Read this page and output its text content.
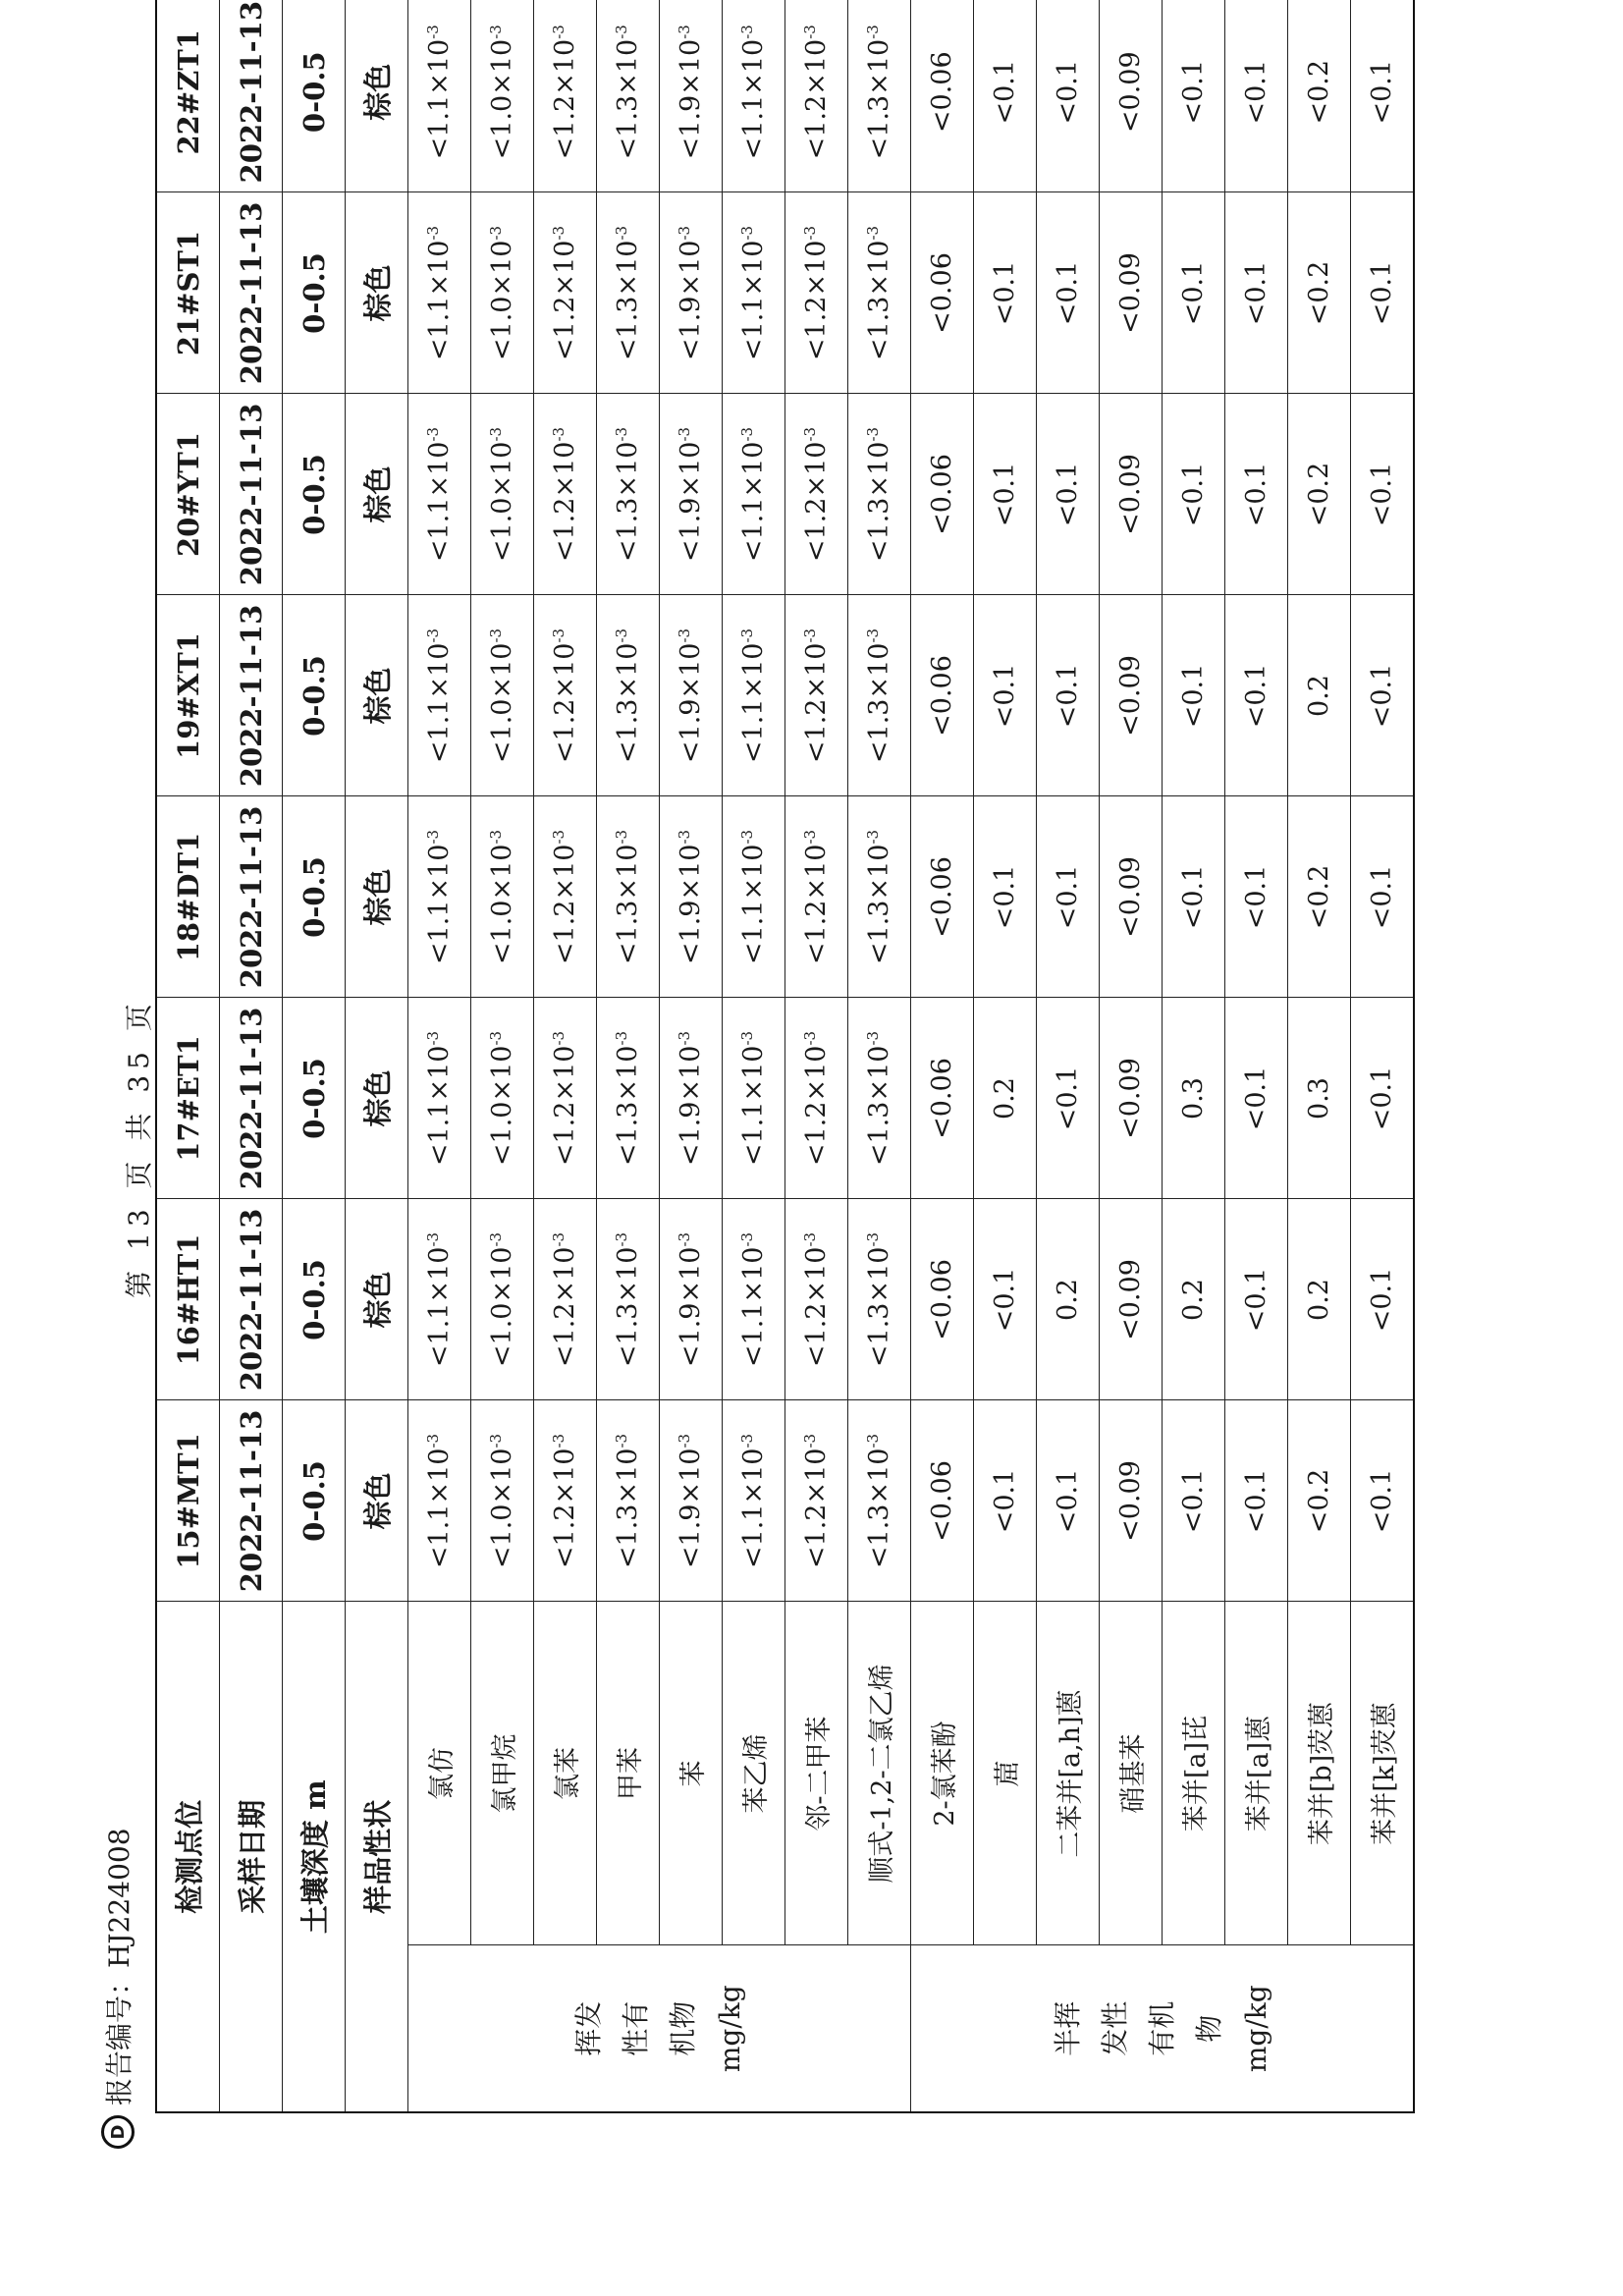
D
报告编号：HJ224008
第 13 页 共 35 页
检测点位		15#MT1	16#HT1	17#ET1	18#DT1	19#XT1	20#YT1	21#ST1	22#ZT1
采样日期		2022-11-13	2022-11-13	2022-11-13	2022-11-13	2022-11-13	2022-11-13	2022-11-13	2022-11-13
土壤深度 m		0-0.5	0-0.5	0-0.5	0-0.5	0-0.5	0-0.5	0-0.5	0-0.5
样品性状		棕色	棕色	棕色	棕色	棕色	棕色	棕色	棕色

挥发 性有 机物 mg/kg	氯仿	$<1.1\times 10^{-3}$	$<1.1\times 10^{-3}$	$<1.1\times 10^{-3}$	$<1.1\times 10^{-3}$	$<1.1\times 10^{-3}$	$<1.1\times 10^{-3}$	$<1.1\times 10^{-3}$	$<1.1\times 10^{-3}$
	氯甲烷	$<1.0\times 10^{-3}$	$<1.0\times 10^{-3}$	$<1.0\times 10^{-3}$	$<1.0\times 10^{-3}$	$<1.0\times 10^{-3}$	$<1.0\times 10^{-3}$	$<1.0\times 10^{-3}$	$<1.0\times 10^{-3}$
	氯苯	$<1.2\times 10^{-3}$	$<1.2\times 10^{-3}$	$<1.2\times 10^{-3}$	$<1.2\times 10^{-3}$	$<1.2\times 10^{-3}$	$<1.2\times 10^{-3}$	$<1.2\times 10^{-3}$	$<1.2\times 10^{-3}$
	甲苯	$<1.3\times 10^{-3}$	$<1.3\times 10^{-3}$	$<1.3\times 10^{-3}$	$<1.3\times 10^{-3}$	$<1.3\times 10^{-3}$	$<1.3\times 10^{-3}$	$<1.3\times 10^{-3}$	$<1.3\times 10^{-3}$
	苯	$<1.9\times 10^{-3}$	$<1.9\times 10^{-3}$	$<1.9\times 10^{-3}$	$<1.9\times 10^{-3}$	$<1.9\times 10^{-3}$	$<1.9\times 10^{-3}$	$<1.9\times 10^{-3}$	$<1.9\times 10^{-3}$
	苯乙烯	$<1.1\times 10^{-3}$	$<1.1\times 10^{-3}$	$<1.1\times 10^{-3}$	$<1.1\times 10^{-3}$	$<1.1\times 10^{-3}$	$<1.1\times 10^{-3}$	$<1.1\times 10^{-3}$	$<1.1\times 10^{-3}$
	邻-二甲苯	$<1.2\times 10^{-3}$	$<1.2\times 10^{-3}$	$<1.2\times 10^{-3}$	$<1.2\times 10^{-3}$	$<1.2\times 10^{-3}$	$<1.2\times 10^{-3}$	$<1.2\times 10^{-3}$	$<1.2\times 10^{-3}$
	顺式-1,2-二氯乙烯	$<1.3\times 10^{-3}$	$<1.3\times 10^{-3}$	$<1.3\times 10^{-3}$	$<1.3\times 10^{-3}$	$<1.3\times 10^{-3}$	$<1.3\times 10^{-3}$	$<1.3\times 10^{-3}$	$<1.3\times 10^{-3}$

半挥 发性 有机 物 mg/kg	2-氯苯酚	<0.06	<0.06	<0.06	<0.06	<0.06	<0.06	<0.06	<0.06
	䓛	<0.1	<0.1	0.2	<0.1	<0.1	<0.1	<0.1	<0.1
	二苯并[a,h]蒽	<0.1	0.2	<0.1	<0.1	<0.1	<0.1	<0.1	<0.1
	硝基苯	<0.09	<0.09	<0.09	<0.09	<0.09	<0.09	<0.09	<0.09
	苯并[a]芘	<0.1	0.2	0.3	<0.1	<0.1	<0.1	<0.1	<0.1
	苯并[a]蒽	<0.1	<0.1	<0.1	<0.1	<0.1	<0.1	<0.1	<0.1
	苯并[b]荧蒽	<0.2	0.2	0.3	<0.2	0.2	<0.2	<0.2	<0.2
	苯并[k]荧蒽	<0.1	<0.1	<0.1	<0.1	<0.1	<0.1	<0.1	<0.1
